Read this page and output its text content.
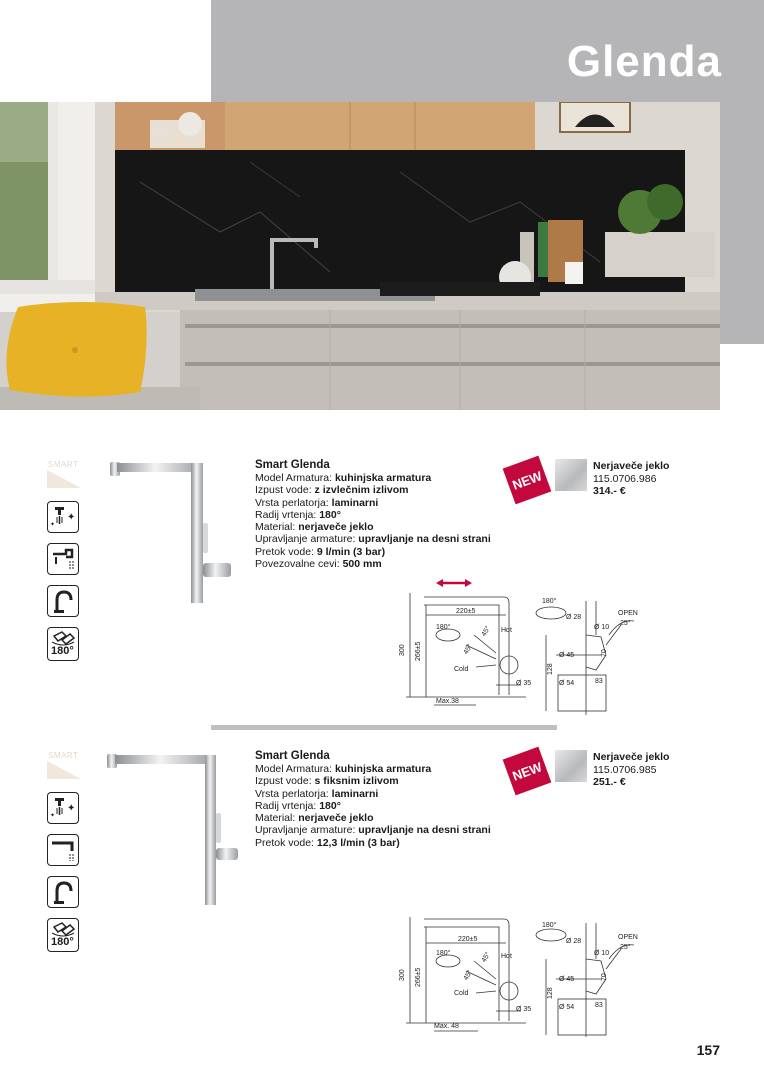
Glenda
SMART
✦
✦
180°
Smart Glenda
Model Armatura: kuhinjska armatura
Izpust vode: z izvlečnim izlivom
Vrsta perlatorja: laminarni
Radij vrtenja: 180°
Material: nerjaveče jeklo
Upravljanje armature: upravljanje na desni strani
Pretok vode: 9 l/min (3 bar)
Povezovalne cevi: 500 mm
NEW
Nerjaveče jeklo
115.0706.986
314.- €
300 266±5
220±5
180°
45°
45° Hot
Cold
Ø 35
Max.38
180°
Ø 28
OPEN
25°
Ø 10
70
Ø 45
128
Ø 54	83
SMART
✦
✦
180°
Smart Glenda
Model Armatura: kuhinjska armatura
Izpust vode: s fiksnim izlivom
Vrsta perlatorja: laminarni
Radij vrtenja: 180°
Material: nerjaveče jeklo
Upravljanje armature: upravljanje na desni strani
Pretok vode: 12,3 l/min (3 bar)
NEW
Nerjaveče jeklo
115.0706.985
251.- €
300 266±5
220±5
180°
45°
45° Hot
Cold
Ø 35
Max. 48
180°
Ø 28
OPEN
25°
Ø 10
70
Ø 45
128
Ø 54	83
157
